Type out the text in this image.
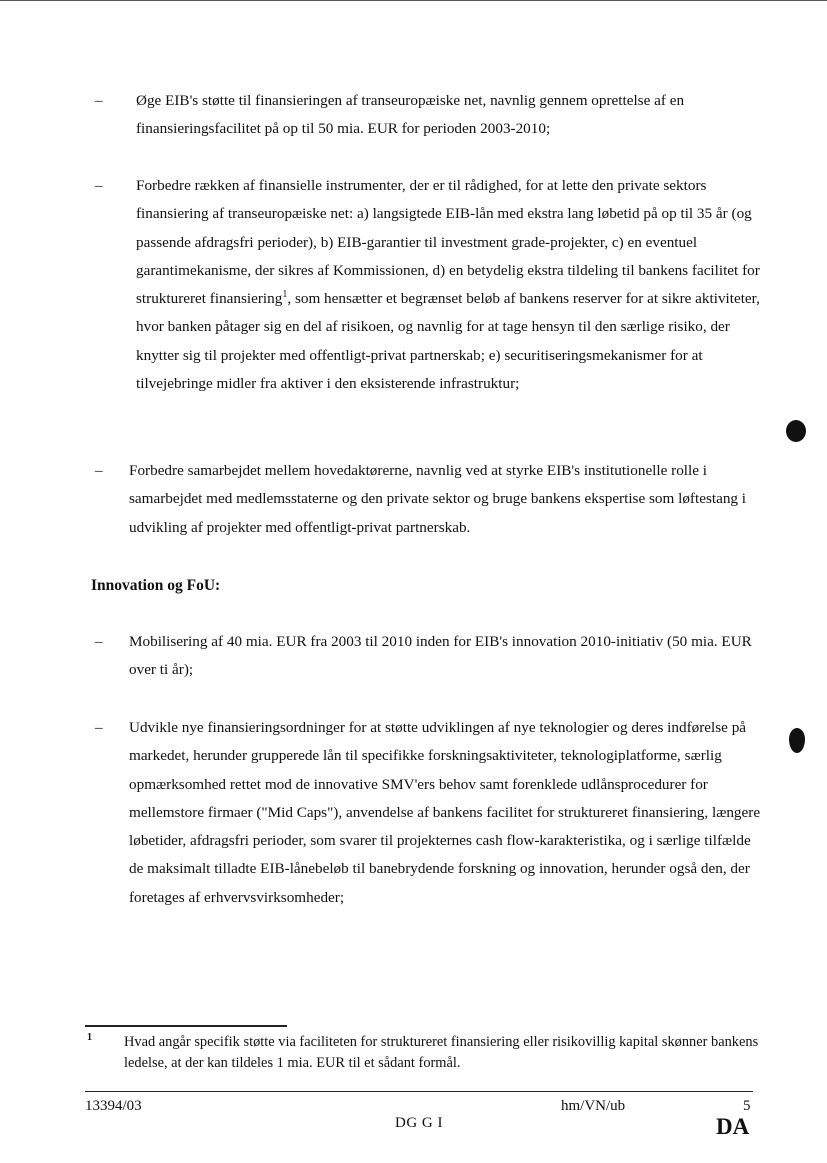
– Øge EIB's støtte til finansieringen af transeuropæiske net, navnlig gennem oprettelse af en finansieringsfacilitet på op til 50 mia. EUR for perioden 2003-2010;
– Forbedre rækken af finansielle instrumenter, der er til rådighed, for at lette den private sektors finansiering af transeuropæiske net: a) langsigtede EIB-lån med ekstra lang løbetid på op til 35 år (og passende afdragsfri perioder), b) EIB-garantier til investment grade-projekter, c) en eventuel garantimekanisme, der sikres af Kommissionen, d) en betydelig ekstra tildeling til bankens facilitet for struktureret finansiering$^1$, som hensætter et begrænset beløb af bankens reserver for at sikre aktiviteter, hvor banken påtager sig en del af risikoen, og navnlig for at tage hensyn til den særlige risiko, der knytter sig til projekter med offentligt-privat partnerskab; e) securitiseringsmekanismer for at tilvejebringe midler fra aktiver i den eksisterende infrastruktur;
– Forbedre samarbejdet mellem hovedaktørerne, navnlig ved at styrke EIB's institutionelle rolle i samarbejdet med medlemsstaterne og den private sektor og bruge bankens ekspertise som løftestang i udvikling af projekter med offentligt-privat partnerskab.
Innovation og FoU:
– Mobilisering af 40 mia. EUR fra 2003 til 2010 inden for EIB's innovation 2010-initiativ (50 mia. EUR over ti år);
– Udvikle nye finansieringsordninger for at støtte udviklingen af nye teknologier og deres indførelse på markedet, herunder grupperede lån til specifikke forskningsaktiviteter, teknologiplatforme, særlig opmærksomhed rettet mod de innovative SMV'ers behov samt forenklede udlånsprocedurer for mellemstore firmaer ("Mid Caps"), anvendelse af bankens facilitet for struktureret finansiering, længere løbetider, afdragsfri perioder, som svarer til projekternes cash flow-karakteristika, og i særlige tilfælde de maksimalt tilladte EIB-lånebeløb til banebrydende forskning og innovation, herunder også den, der foretages af erhvervsvirksomheder;
1 Hvad angår specifik støtte via faciliteten for struktureret finansiering eller risikovillig kapital skønner bankens ledelse, at der kan tildeles 1 mia. EUR til et sådant formål.
13394/03
DG G I
hm/VN/ub	5
DA
